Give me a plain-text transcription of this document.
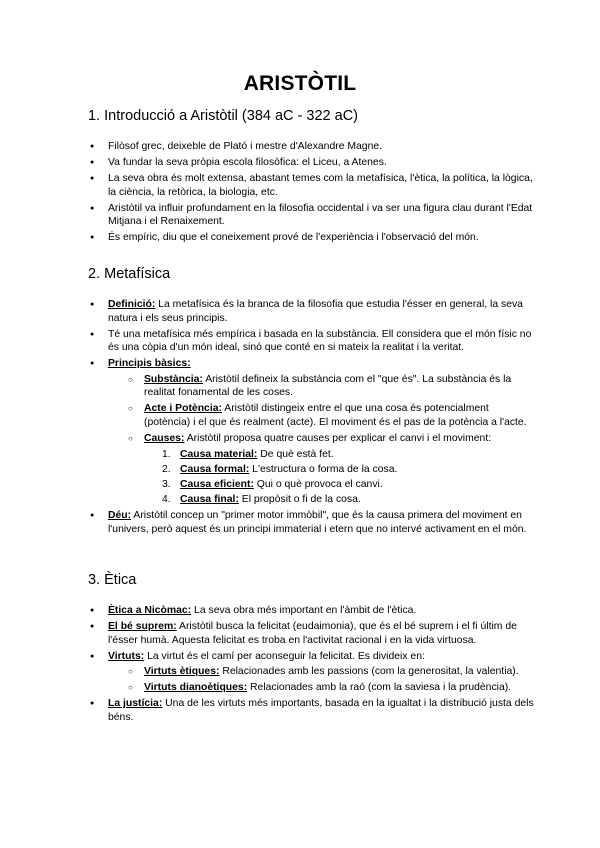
ARISTÒTIL
1. Introducció a Aristòtil (384 aC - 322 aC)
● Filòsof grec, deixeble de Plató i mestre d'Alexandre Magne.
● Va fundar la seva pròpia escola filosòfica: el Liceu, a Atenes.
● La seva obra és molt extensa, abastant temes com la metafísica, l'ètica, la política, la lògica, la ciència, la retòrica, la biologia, etc.
● Aristòtil va influir profundament en la filosofia occidental i va ser una figura clau durant l'Edat Mitjana i el Renaixement.
● És empíric, diu que el coneixement prové de l'experiència i l'observació del món.
2. Metafísica
● Definició: La metafísica és la branca de la filosofia que estudia l'ésser en general, la seva natura i els seus principis.
● Té una metafísica més empírica i basada en la substància. Ell considera que el món físic no és una còpia d'un món ideal, sinó que conté en si mateix la realitat i la veritat.
● Principis bàsics:
○ Substància: Aristòtil defineix la substància com el "que és". La substància és la realitat fonamental de les coses.
○ Acte i Potència: Aristòtil distingeix entre el que una cosa és potencialment (potència) i el que és realment (acte). El moviment és el pas de la potència a l'acte.
○ Causes: Aristòtil proposa quatre causes per explicar el canvi i el moviment:
1. Causa material: De què està fet.
2. Causa formal: L'estructura o forma de la cosa.
3. Causa eficient: Qui o què provoca el canvi.
4. Causa final: El propòsit o fi de la cosa.
● Déu: Aristòtil concep un "primer motor immòbil", que és la causa primera del moviment en l'univers, però aquest és un principi immaterial i etern que no intervé activament en el món.
3. Ètica
● Ètica a Nicòmac: La seva obra més important en l'àmbit de l'ètica.
● El bé suprem: Aristòtil busca la felicitat (eudaimonia), que és el bé suprem i el fi últim de l'ésser humà. Aquesta felicitat es troba en l'activitat racional i en la vida virtuosa.
● Virtuts: La virtut és el camí per aconseguir la felicitat. Es divideix en:
○ Virtuts ètiques: Relacionades amb les passions (com la generositat, la valentia).
○ Virtuts dianoètiques: Relacionades amb la raó (com la saviesa i la prudència).
● La justícia: Una de les virtuts més importants, basada en la igualtat i la distribució justa dels béns.
